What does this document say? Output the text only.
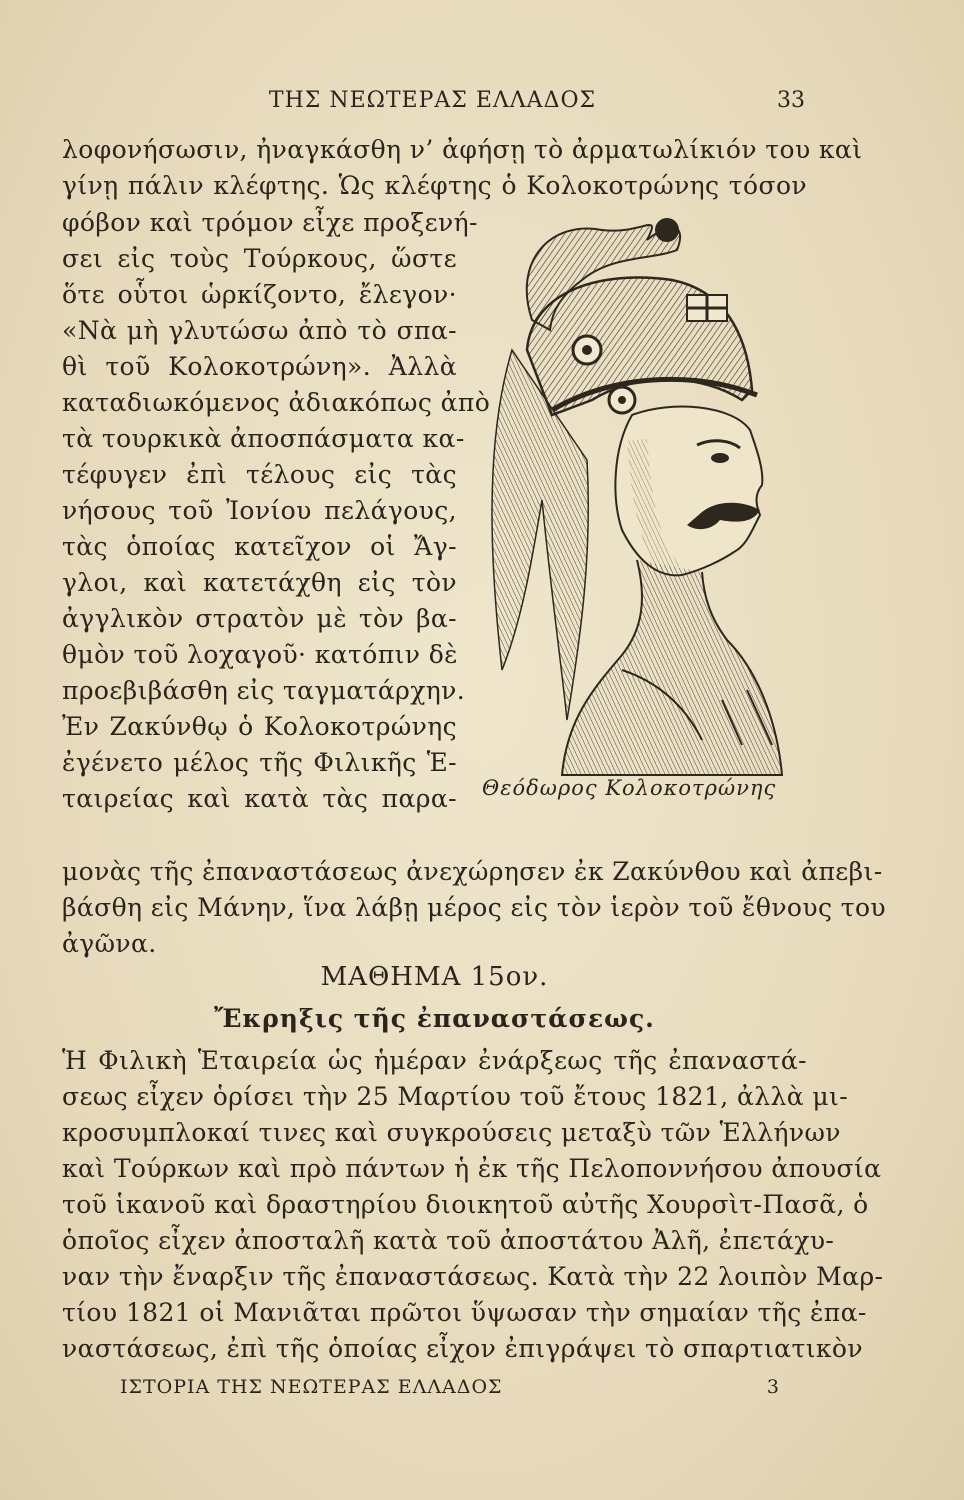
ΤΗΣ ΝΕΩΤΕΡΑΣ ΕΛΛΑΔΟΣ	33
λοφονήσωσιν, ἠναγκάσθη ν’ ἀφήσῃ τὸ ἀρματωλίκιόν του καὶ
γίνῃ πάλιν κλέφτης. Ὡς κλέφτης ὁ Κολοκοτρώνης τόσον
φόβον καὶ τρόμον εἶχε προξενή-
σει εἰς τοὺς Τούρκους, ὥστε
ὅτε οὗτοι ὡρκίζοντο, ἔλεγον·
«Νὰ μὴ γλυτώσω ἀπὸ τὸ σπα-
θὶ τοῦ Κολοκοτρώνη». Ἀλλὰ
καταδιωκόμενος ἀδιακόπως ἀπὸ
τὰ τουρκικὰ ἀποσπάσματα κα-
τέφυγεν ἐπὶ τέλους εἰς τὰς
νήσους τοῦ Ἰονίου πελάγους,
τὰς ὁποίας κατεῖχον οἱ Ἄγ-
γλοι, καὶ κατετάχθη εἰς τὸν
ἀγγλικὸν στρατὸν μὲ τὸν βα-
θμὸν τοῦ λοχαγοῦ· κατόπιν δὲ
προεβιβάσθη εἰς ταγματάρχην.
Ἐν Ζακύνθῳ ὁ Κολοκοτρώνης
ἐγένετο μέλος τῆς Φιλικῆς Ἑ-
ταιρείας καὶ κατὰ τὰς παρα- Θεόδωρος Κολοκοτρώνης
μονὰς τῆς ἐπαναστάσεως ἀνεχώρησεν ἐκ Ζακύνθου καὶ ἀπεβι-
βάσθη εἰς Μάνην, ἵνα λάβῃ μέρος εἰς τὸν ἱερὸν τοῦ ἔθνους του
ἀγῶνα.
ΜΑΘΗΜΑ 15ον.
Ἔκρηξις τῆς ἐπαναστάσεως.
Ἡ Φιλικὴ Ἑταιρεία ὡς ἡμέραν ἐνάρξεως τῆς ἐπαναστά-
σεως εἶχεν ὁρίσει τὴν 25 Μαρτίου τοῦ ἔτους 1821, ἀλλὰ μι-
κροσυμπλοκαί τινες καὶ συγκρούσεις μεταξὺ τῶν Ἑλλήνων
καὶ Τούρκων καὶ πρὸ πάντων ἡ ἐκ τῆς Πελοποννήσου ἀπουσία
τοῦ ἱκανοῦ καὶ δραστηρίου διοικητοῦ αὐτῆς Χουρσὶτ-Πασᾶ, ὁ
ὁποῖος εἶχεν ἀποσταλῆ κατὰ τοῦ ἀποστάτου Ἀλῆ, ἐπετάχυ-
ναν τὴν ἔναρξιν τῆς ἐπαναστάσεως. Κατὰ τὴν 22 λοιπὸν Μαρ-
τίου 1821 οἱ Μανιᾶται πρῶτοι ὕψωσαν τὴν σημαίαν τῆς ἐπα-
ναστάσεως, ἐπὶ τῆς ὁποίας εἶχον ἐπιγράψει τὸ σπαρτιατικὸν
ΙΣΤΟΡΙΑ ΤΗΣ ΝΕΩΤΕΡΑΣ ΕΛΛΑΔΟΣ	3
